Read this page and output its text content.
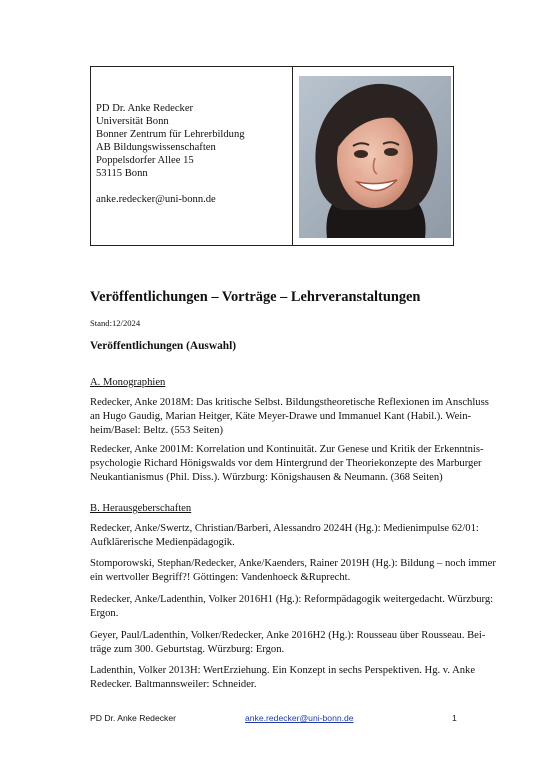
PD Dr. Anke Redecker
Universität Bonn
Bonner Zentrum für Lehrerbildung
AB Bildungswissenschaften
Poppelsdorfer Allee 15
53115 Bonn
anke.redecker@uni-bonn.de
Veröffentlichungen – Vorträge – Lehrveranstaltungen
Stand:12/2024
Veröffentlichungen (Auswahl)
A. Monographien
Redecker, Anke 2018M: Das kritische Selbst. Bildungstheoretische Reflexionen im Anschluss
an Hugo Gaudig, Marian Heitger, Käte Meyer-Drawe und Immanuel Kant (Habil.). Wein-
heim/Basel: Beltz. (553 Seiten)
Redecker, Anke 2001M: Korrelation und Kontinuität. Zur Genese und Kritik der Erkenntnis-
psychologie Richard Hönigswalds vor dem Hintergrund der Theoriekonzepte des Marburger
Neukantianismus (Phil. Diss.). Würzburg: Königshausen & Neumann. (368 Seiten)
B. Herausgeberschaften
Redecker, Anke/Swertz, Christian/Barberi, Alessandro 2024H (Hg.): Medienimpulse 62/01:
Aufklärerische Medienpädagogik.
Stomporowski, Stephan/Redecker, Anke/Kaenders, Rainer 2019H (Hg.): Bildung – noch immer
ein wertvoller Begriff?! Göttingen: Vandenhoeck &Ruprecht.
Redecker, Anke/Ladenthin, Volker 2016H1 (Hg.): Reformpädagogik weitergedacht. Würzburg:
Ergon.
Geyer, Paul/Ladenthin, Volker/Redecker, Anke 2016H2 (Hg.): Rousseau über Rousseau. Bei-
träge zum 300. Geburtstag. Würzburg: Ergon.
Ladenthin, Volker 2013H: WertErziehung. Ein Konzept in sechs Perspektiven. Hg. v. Anke
Redecker. Baltmannsweiler: Schneider.
PD Dr. Anke Redecker	anke.redecker@uni-bonn.de	1
